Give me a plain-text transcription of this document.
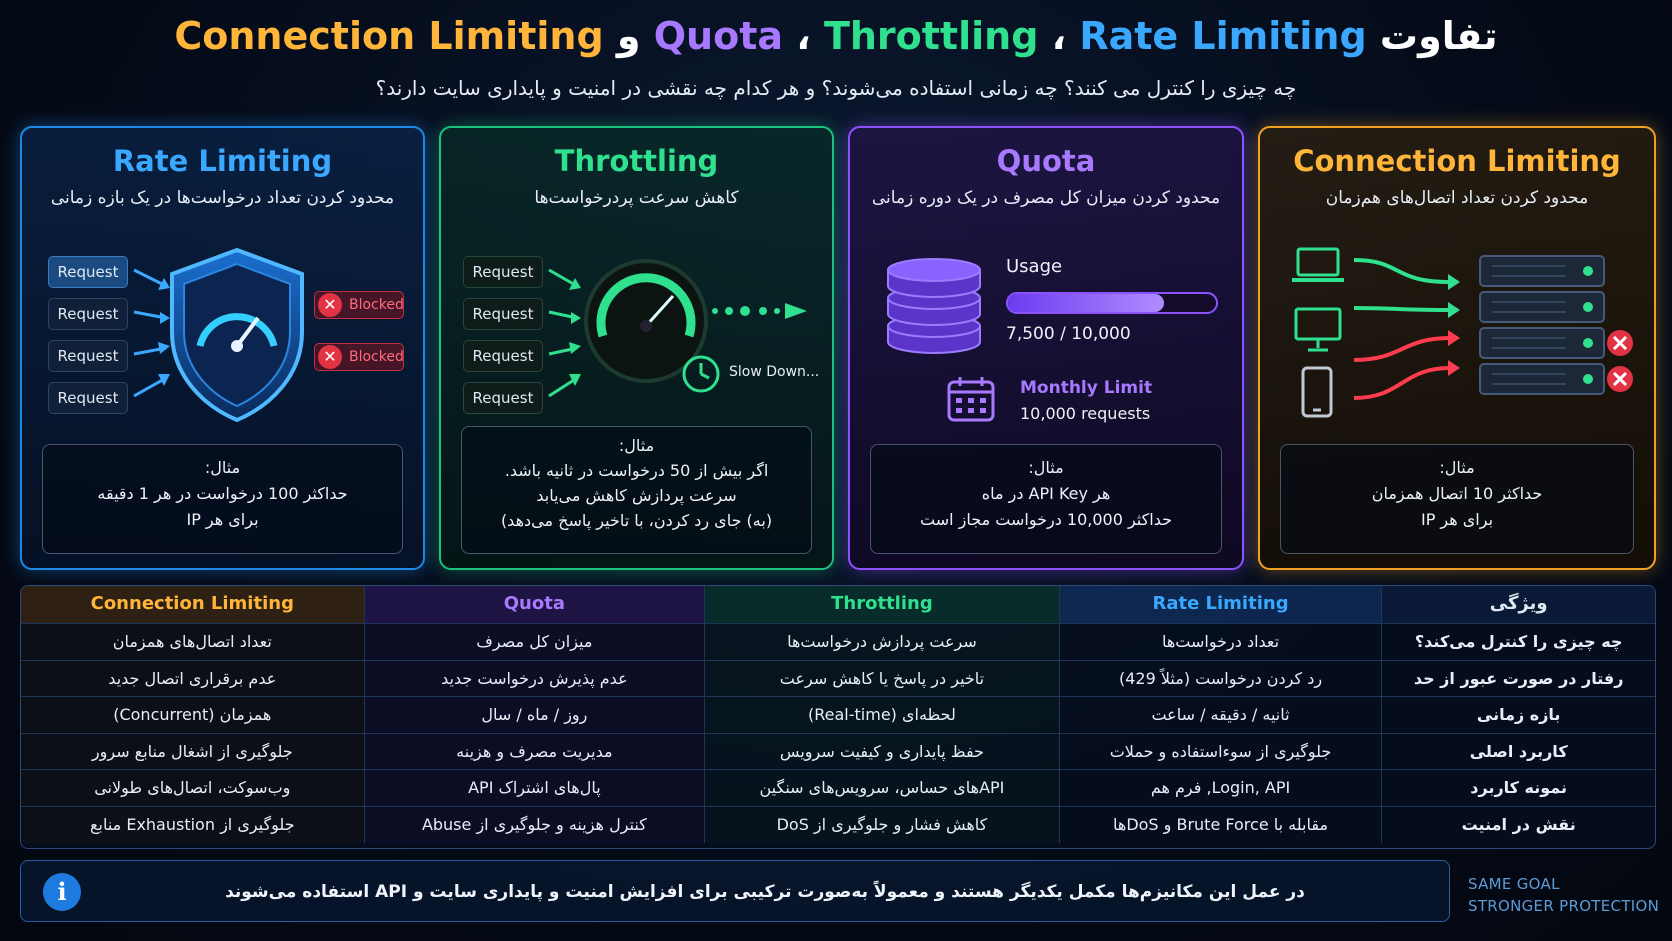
تفاوت Rate Limiting ، Throttling ، Quota و Connection Limiting
چه چیزی را کنترل می کنند؟ چه زمانی استفاده می‌شوند؟ و هر کدام چه نقشی در امنیت و پایداری سایت دارند؟
Rate Limiting
محدود کردن تعداد درخواست‌ها در یک بازه زمانی
Request
Request
Request
Request
✕ Blocked
✕ Blocked
مثال:
حداکثر 100 درخواست در هر 1 دقیقه
برای هر IP
Throttling
کاهش سرعت پردرخواست‌ها
Request
Request
Request
Request
Slow Down...
مثال:
اگر بیش از 50 درخواست در ثانیه باشد.
سرعت پردازش کاهش می‌یابد
(به) جای رد کردن، با تاخیر پاسخ می‌دهد)
Quota
محدود کردن میزان کل مصرف در یک دوره زمانی
Usage
7,500 / 10,000
Monthly Limit
10,000 requests
مثال:
هر API Key در ماه
حداکثر 10,000 درخواست مجاز است
Connection Limiting
محدود کردن تعداد اتصال‌های هم‌زمان
مثال:
حداکثر 10 اتصال همزمان
برای هر IP
Connection Limiting	Quota	Throttling	Rate Limiting	ویژگی
تعداد اتصال‌های همزمان	میزان کل مصرف	سرعت پردازش درخواست‌ها	تعداد درخواست‌ها	چه چیزی را کنترل می‌کند؟
عدم برقراری اتصال جدید	عدم پذیرش درخواست جدید	تاخیر در پاسخ یا کاهش سرعت	رد کردن درخواست (مثلاً 429)	رفتار در صورت عبور از حد
همزمان (Concurrent)	روز / ماه / سال	لحظه‌ای (Real-time)	ثانیه / دقیقه / ساعت	بازه زمانی
جلوگیری از اشغال منابع سرور	مدیریت مصرف و هزینه	حفظ پایداری و کیفیت سرویس	جلوگیری از سوءاستفاده و حملات	کاربرد اصلی
وب‌سوکت، اتصال‌های طولانی	پال‌های اشتراک API	APIهای حساس، سرویس‌های سنگین	Login, API, فرم هم	نمونه کاربرد
جلوگیری از Exhaustion منابع	کنترل هزینه و جلوگیری از Abuse	کاهش فشار و جلوگیری از DoS	مقابله با Brute Force و DoSها	نقش در امنیت
i	در عمل این مکانیزم‌ها مکمل یکدیگر هستند و معمولاً به‌صورت ترکیبی برای افزایش امنیت و پایداری سایت و API استفاده می‌شوند	SAME GOAL
STRONGER PROTECTION
